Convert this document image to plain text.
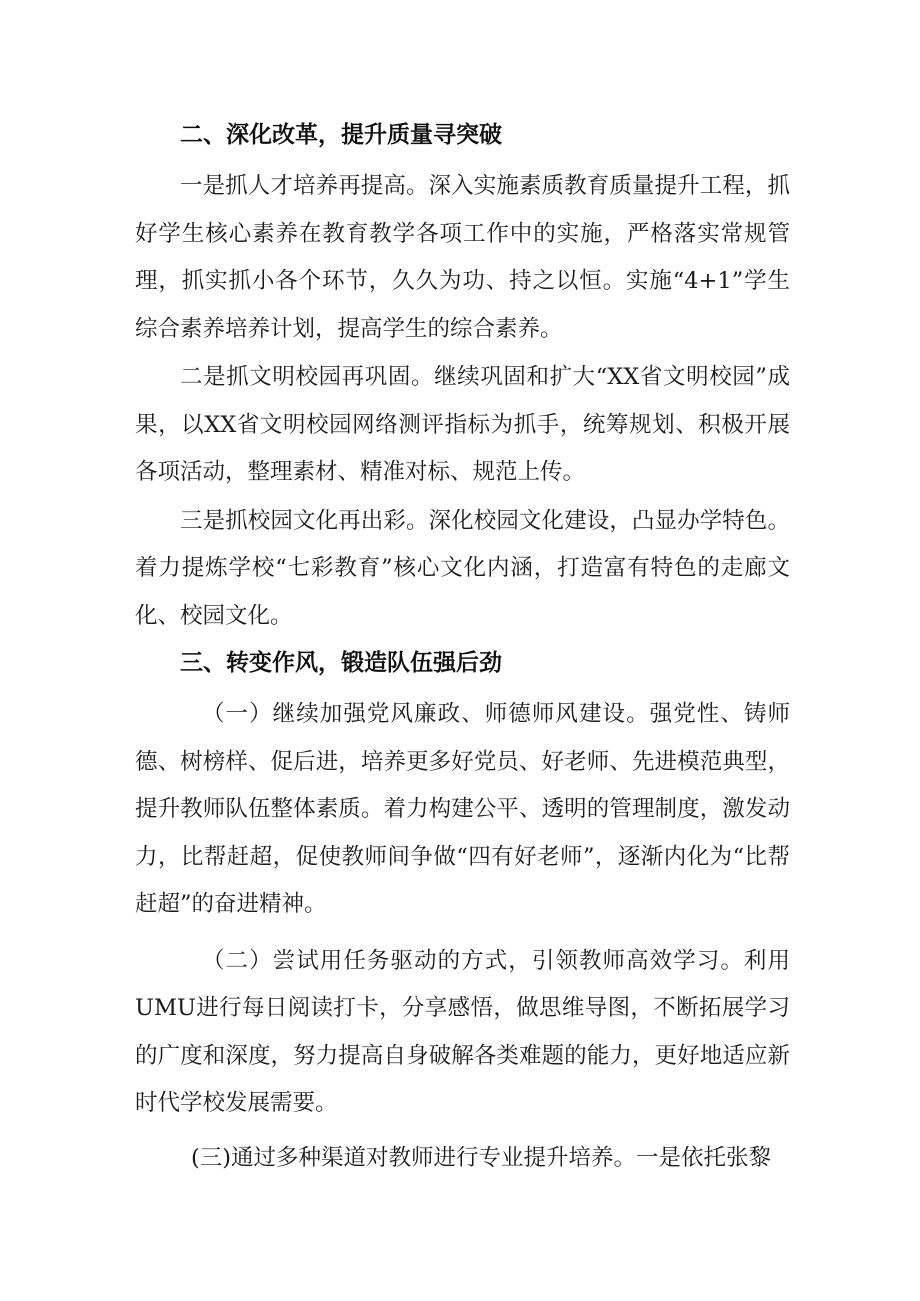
二、深化改革，提升质量寻突破

一是抓人才培养再提高。深入实施素质教育质量提升工程，抓好学生核心素养在教育教学各项工作中的实施，严格落实常规管理，抓实抓小各个环节，久久为功、持之以恒。实施“4+1”学生综合素养培养计划，提高学生的综合素养。

二是抓文明校园再巩固。继续巩固和扩大“XX省文明校园”成果，以XX省文明校园网络测评指标为抓手，统筹规划、积极开展各项活动，整理素材、精准对标、规范上传。

三是抓校园文化再出彩。深化校园文化建设，凸显办学特色。着力提炼学校“七彩教育”核心文化内涵，打造富有特色的走廊文化、校园文化。

三、转变作风，锻造队伍强后劲

（一）继续加强党风廉政、师德师风建设。强党性、铸师德、树榜样、促后进，培养更多好党员、好老师、先进模范典型，提升教师队伍整体素质。着力构建公平、透明的管理制度，激发动力，比帮赶超，促使教师间争做“四有好老师”，逐渐内化为“比帮赶超”的奋进精神。

（二）尝试用任务驱动的方式，引领教师高效学习。利用UMU进行每日阅读打卡，分享感悟，做思维导图，不断拓展学习的广度和深度，努力提高自身破解各类难题的能力，更好地适应新时代学校发展需要。

(三)通过多种渠道对教师进行专业提升培养。一是依托张黎
